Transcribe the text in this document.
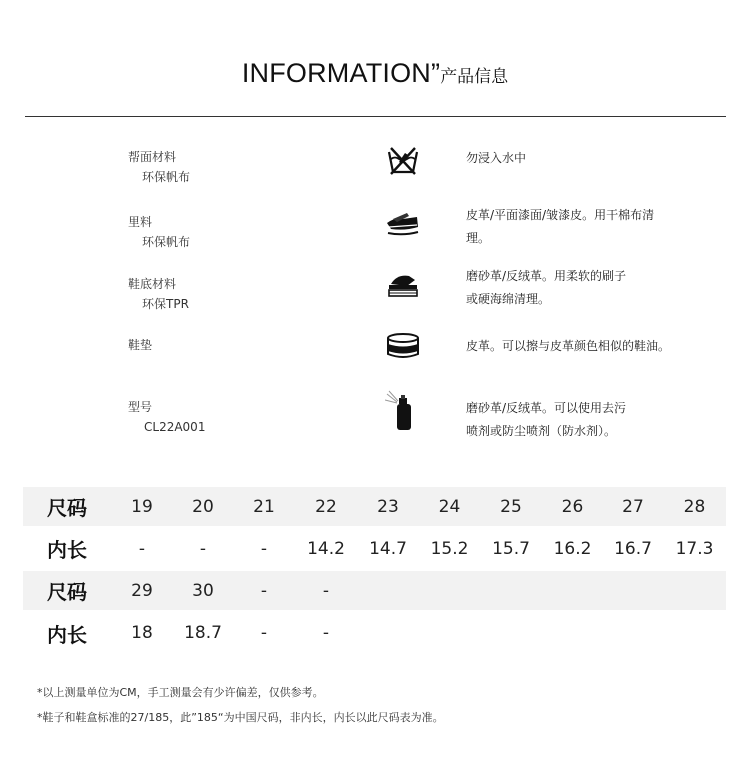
INFORMATION”产品信息
帮面材料
环保帆布
里料
环保帆布
鞋底材料
环保TPR
鞋垫
型号
CL22A001
勿浸入水中
皮革/平面漆面/皱漆皮。用干棉布清
理。
磨砂革/反绒革。用柔软的刷子
或硬海绵清理。
皮革。可以擦与皮革颜色相似的鞋油。
磨砂革/反绒革。可以使用去污
喷剂或防尘喷剂（防水剂）。
尺码	19	20	21	22	23	24	25	26	27	28
内长	-	-	-	14.2	14.7	15.2	15.7	16.2	16.7	17.3
尺码	29	30	-	-						
内长	18	18.7	-	-						
*以上测量单位为CM，手工测量会有少许偏差，仅供参考。
*鞋子和鞋盒标准的27/185，此”185“为中国尺码，非内长，内长以此尺码表为准。
